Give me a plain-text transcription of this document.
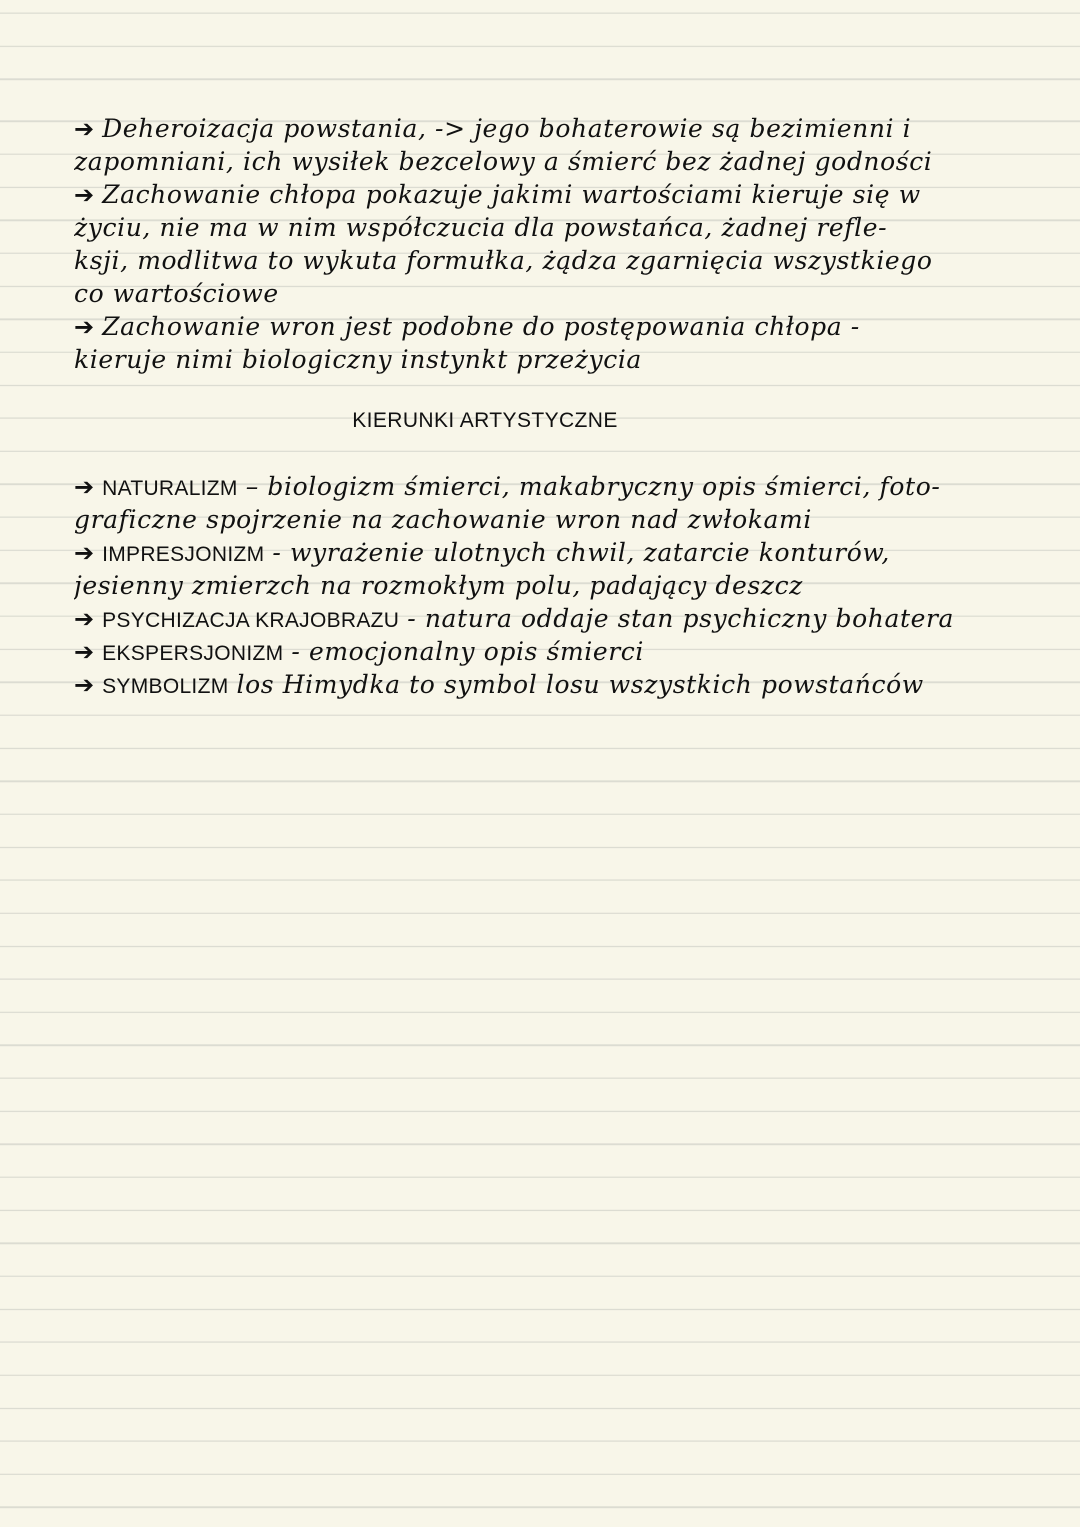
➔ Deheroizacja powstania, -> jego bohaterowie są bezimienni i
zapomniani, ich wysiłek bezcelowy a śmierć bez żadnej godności
➔ Zachowanie chłopa pokazuje jakimi wartościami kieruje się w
życiu, nie ma w nim współczucia dla powstańca, żadnej refle-
ksji, modlitwa to wykuta formułka, żądza zgarnięcia wszystkiego
co wartościowe
➔ Zachowanie wron jest podobne do postępowania chłopa -
kieruje nimi biologiczny instynkt przeżycia
KIERUNKI ARTYSTYCZNE
➔ NATURALIZM – biologizm śmierci, makabryczny opis śmierci, foto-
graficzne spojrzenie na zachowanie wron nad zwłokami
➔ IMPRESJONIZM - wyrażenie ulotnych chwil, zatarcie konturów,
jesienny zmierzch na rozmokłym polu, padający deszcz
➔ PSYCHIZACJA KRAJOBRAZU - natura oddaje stan psychiczny bohatera
➔ EKSPERSJONIZM - emocjonalny opis śmierci
➔ SYMBOLIZM los Himydka to symbol losu wszystkich powstańców
